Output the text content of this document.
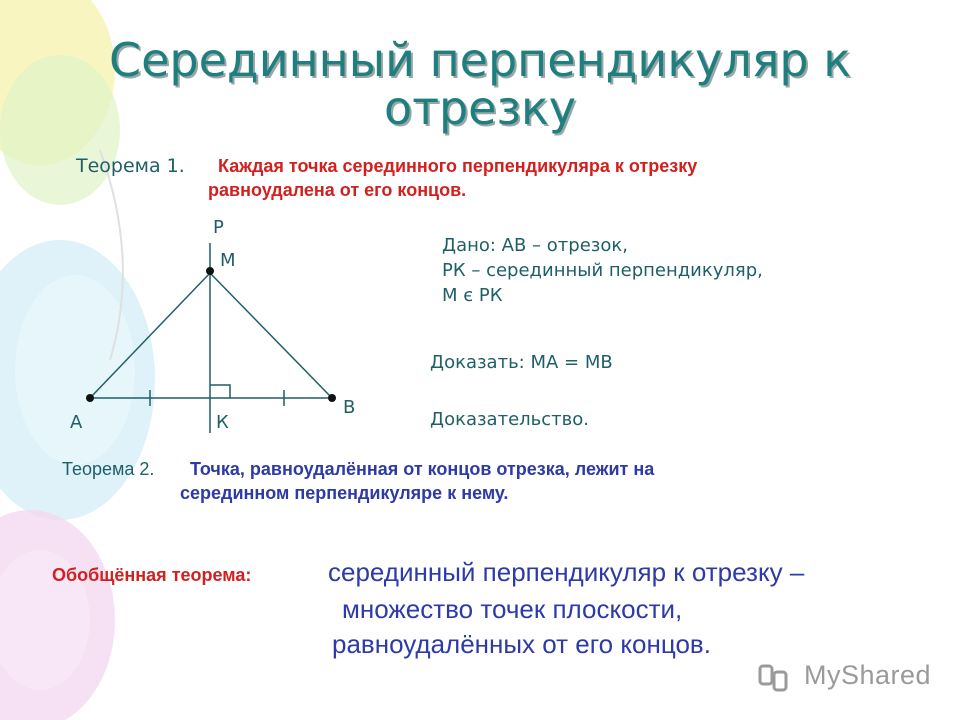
Серединный перпендикуляр к отрезку
Теорема 1. Каждая точка серединного перпендикуляра к отрезку
равноудалена от его концов.
Р
М
А
В
К
Дано: АВ – отрезок,
РК – серединный перпендикуляр,
М є РК
Доказать: МА = МВ
Доказательство.
Теорема 2. Точка, равноудалённая от концов отрезка, лежит на
серединном перпендикуляре к нему.
Обобщённая теорема:	серединный перпендикуляр к отрезку –
множество точек плоскости,
равноудалённых от его концов.
MyShared
